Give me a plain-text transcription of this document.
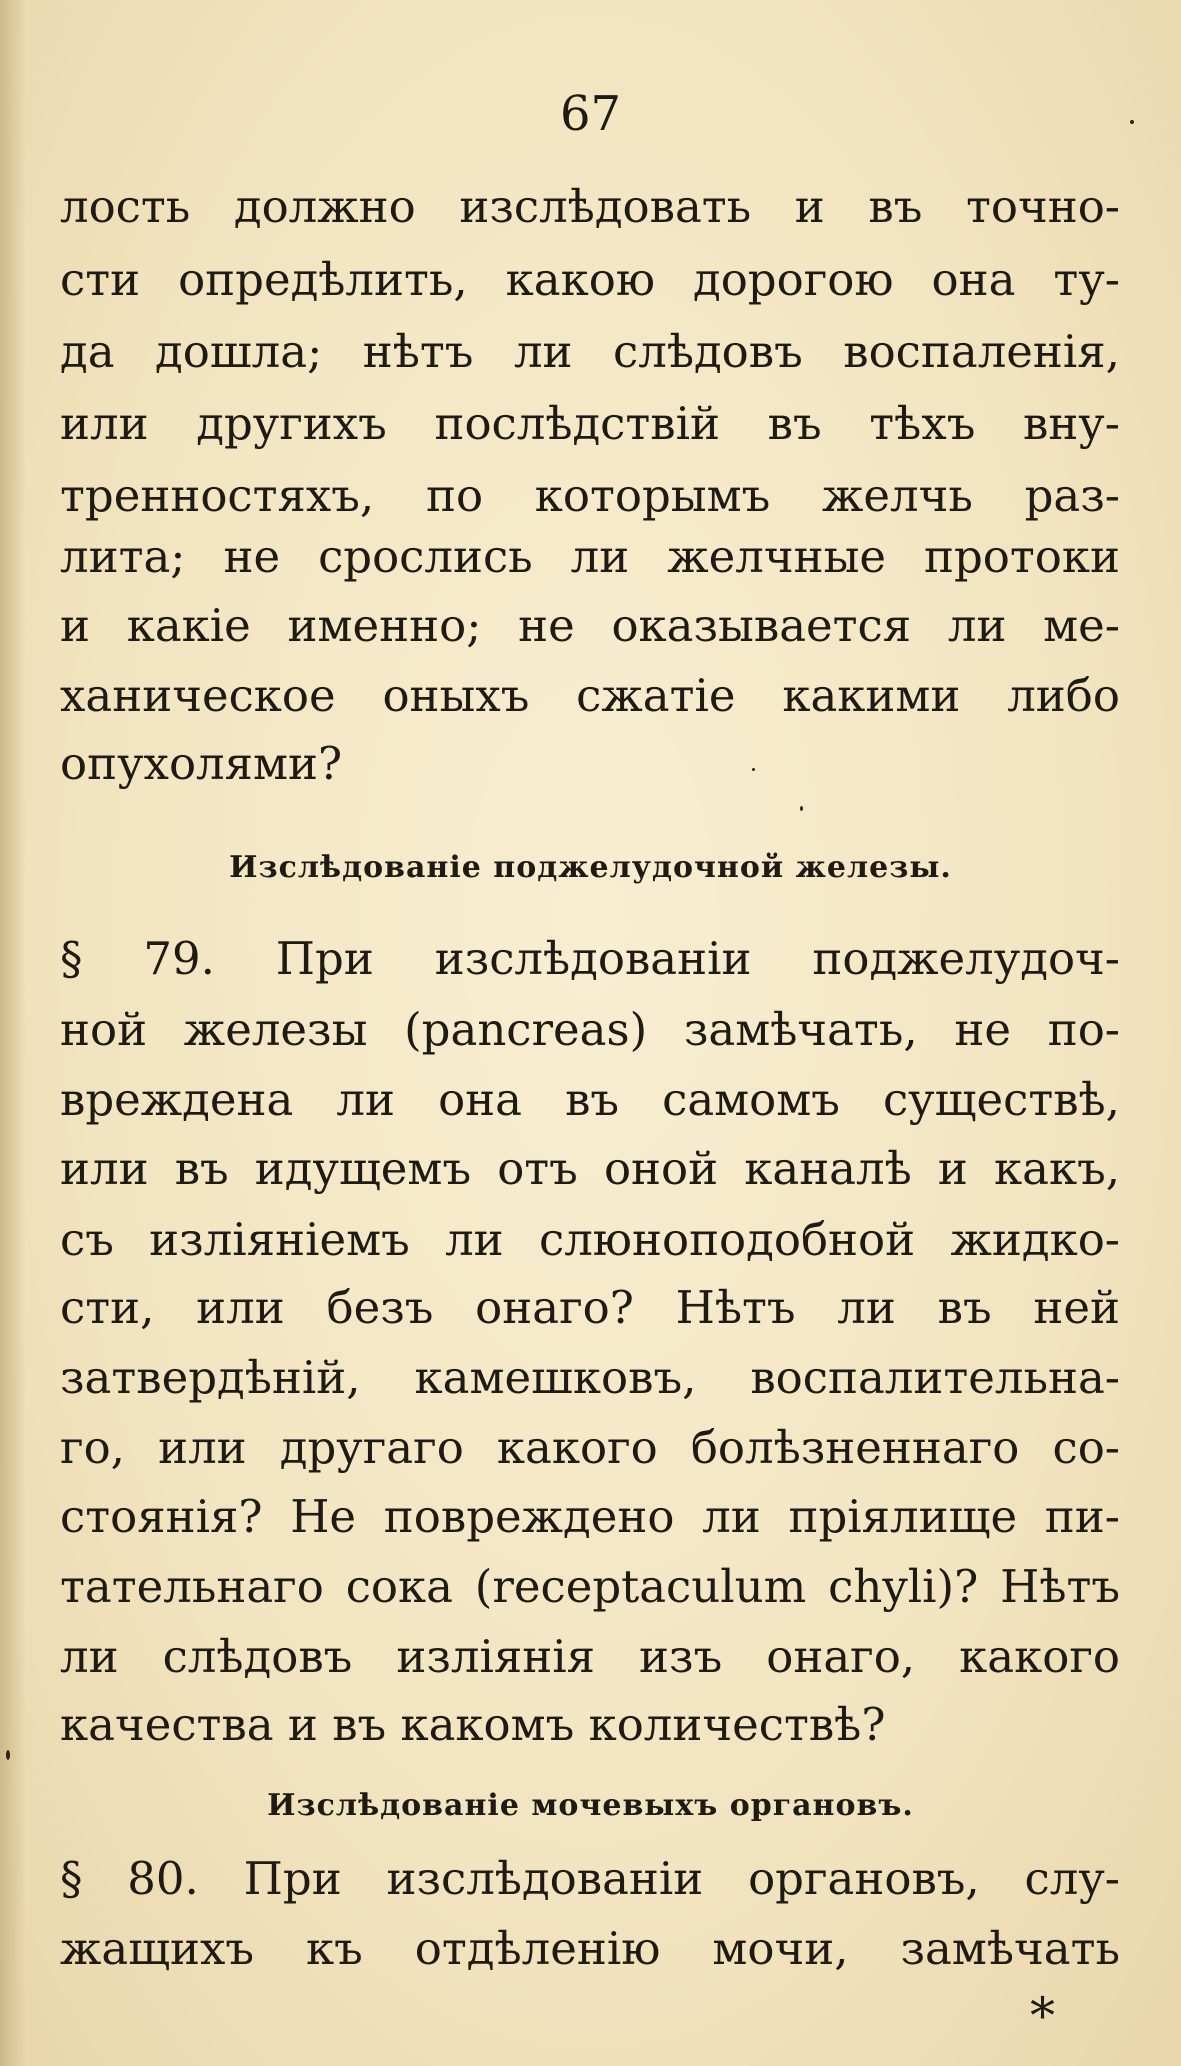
67

лость должно изслѣдовать и въ точно-

сти опредѣлить, какою дорогою она ту-

да дошла; нѣтъ ли слѣдовъ воспаленія,

или другихъ послѣдствій въ тѣхъ вну-

тренностяхъ, по которымъ желчь раз-

лита; не срослись ли желчные протоки

и какіе именно; не оказывается ли ме-

ханическое оныхъ сжатіе какими либо

опухолями?

Изслѣдованіе поджелудочной железы.

§ 79. При изслѣдованіи поджелудоч-

ной железы (pancreas) замѣчать, не по-

вреждена ли она въ самомъ существѣ,

или въ идущемъ отъ оной каналѣ и какъ,

съ изліяніемъ ли слюноподобной жидко-

сти, или безъ онаго? Нѣтъ ли въ ней

затвердѣній, камешковъ, воспалительна-

го, или другаго какого болѣзненнаго со-

стоянія? Не повреждено ли пріялище пи-

тательнаго сока (receptaculum chyli)? Нѣтъ

ли слѣдовъ изліянія изъ онаго, какого

качества и въ какомъ количествѣ?

Изслѣдованіе мочевыхъ органовъ.

§ 80. При изслѣдованіи органовъ, слу-

жащихъ къ отдѣленію мочи, замѣчать

*
